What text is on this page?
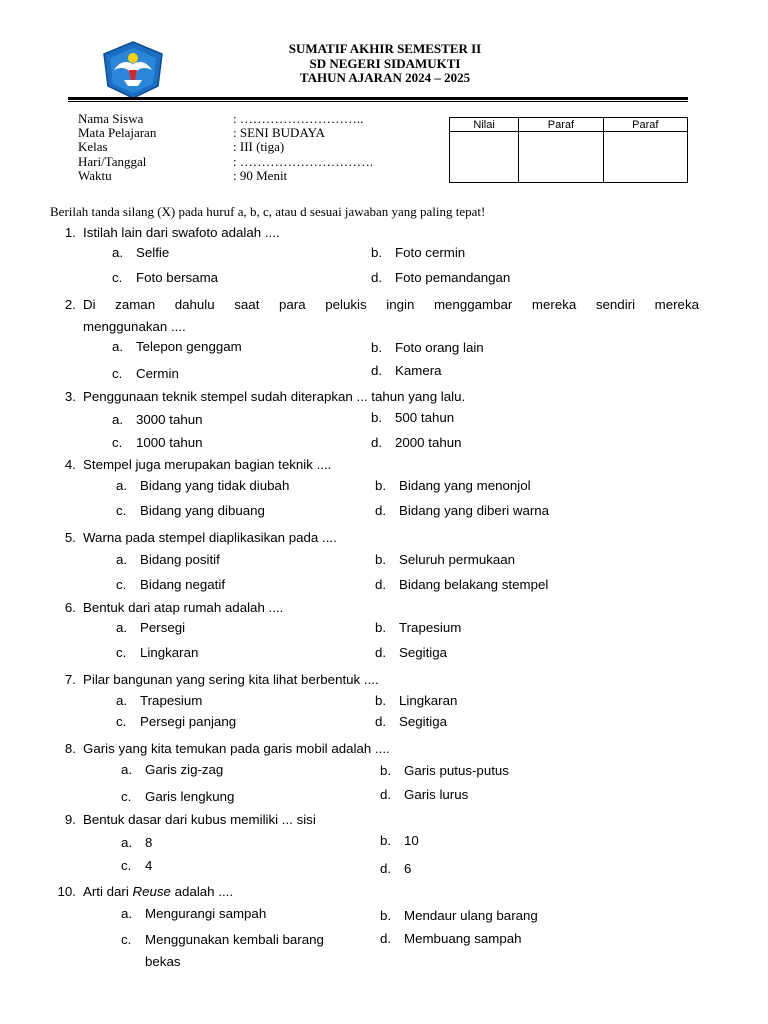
SUMATIF AKHIR SEMESTER II
SD NEGERI SIDAMUKTI
TAHUN AJARAN 2024 – 2025
Nama Siswa	: ………………………..
Mata Pelajaran	: SENI BUDAYA
Kelas	: III (tiga)
Hari/Tanggal	: ………………………….
Waktu	: 90 Menit
Nilai	Paraf	Paraf

Berilah tanda silang (X) pada huruf a, b, c, atau d sesuai jawaban yang paling tepat!
1. Istilah lain dari swafoto adalah ....
a. Selfie	b. Foto cermin
c.	Foto bersama	d. Foto pemandangan
2. Di zaman dahulu saat para pelukis ingin menggambar mereka sendiri mereka
menggunakan ....
a. Telepon genggam	b. Foto orang lain
c.	Cermin	d. Kamera
3. Penggunaan teknik stempel sudah diterapkan ... tahun yang lalu.
a. 3000 tahun	b. 500 tahun
c.	1000 tahun	d. 2000 tahun
4. Stempel juga merupakan bagian teknik ....
a. Bidang yang tidak diubah	b. Bidang yang menonjol
c.	Bidang yang dibuang	d. Bidang yang diberi warna
5. Warna pada stempel diaplikasikan pada ....
a. Bidang positif	b. Seluruh permukaan
c.	Bidang negatif	d. Bidang belakang stempel
6. Bentuk dari atap rumah adalah ....
a. Persegi	b. Trapesium
c.	Lingkaran	d. Segitiga
7. Pilar bangunan yang sering kita lihat berbentuk ....
a. Trapesium	b. Lingkaran
c.	Persegi panjang	d. Segitiga
8. Garis yang kita temukan pada garis mobil adalah ....
a. Garis zig-zag	b. Garis putus-putus
c.	Garis lengkung	d. Garis lurus
9. Bentuk dasar dari kubus memiliki ... sisi
a. 8	b. 10
c.	4	d. 6
10. Arti dari Reuse adalah ....
a. Mengurangi sampah	b. Mendaur ulang barang
c.	Menggunakan kembali barang
bekas
d. Membuang sampah
